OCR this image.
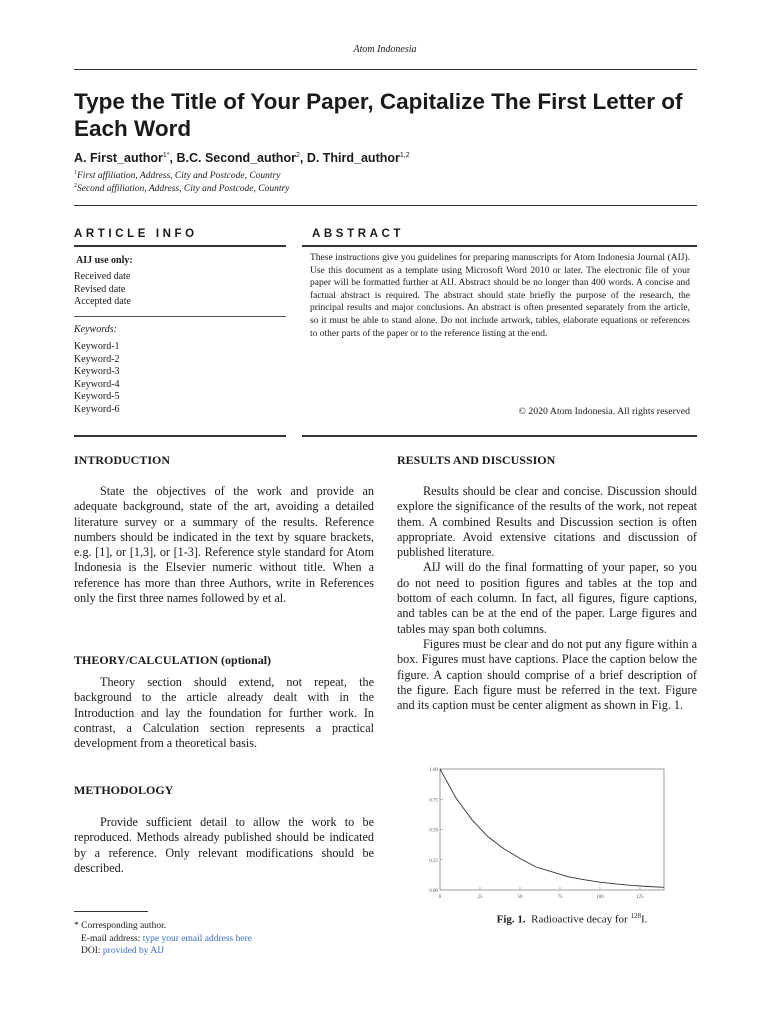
Atom Indonesia
Type the Title of Your Paper, Capitalize The First Letter of Each Word
A. First_author$^{1*}$, B.C. Second_author$^2$, D. Third_author$^{1,2}$
$^1$First affiliation, Address, City and Postcode, Country
$^2$Second affiliation, Address, City and Postcode, Country
ARTICLE INFO
AIJ use only:
Received date
Revised date
Accepted date
Keywords:
Keyword-1
Keyword-2
Keyword-3
Keyword-4
Keyword-5
Keyword-6
ABSTRACT
These instructions give you guidelines for preparing manuscripts for Atom Indonesia Journal (AIJ). Use this document as a template using Microsoft Word 2010 or later. The electronic file of your paper will be formatted further at AIJ. Abstract should be no longer than 400 words. A concise and factual abstract is required. The abstract should state briefly the purpose of the research, the principal results and major conclusions. An abstract is often presented separately from the article, so it must be able to stand alone. Do not include artwork, tables, elaborate equations or references to other parts of the paper or to the reference listing at the end.
© 2020 Atom Indonesia. All rights reserved
INTRODUCTION
State the objectives of the work and provide an adequate background, state of the art, avoiding a detailed literature survey or a summary of the results. Reference numbers should be indicated in the text by square brackets, e.g. [1], or [1,3], or [1-3]. Reference style standard for Atom Indonesia is the Elsevier numeric without title. When a reference has more than three Authors, write in References only the first three names followed by et al.
THEORY/CALCULATION (optional)
Theory section should extend, not repeat, the background to the article already dealt with in the Introduction and lay the foundation for further work. In contrast, a Calculation section represents a practical development from a theoretical basis.
METHODOLOGY
Provide sufficient detail to allow the work to be reproduced. Methods already published should be indicated by a reference. Only relevant modifications should be described.
RESULTS AND DISCUSSION

Results should be clear and concise. Discussion should explore the significance of the results of the work, not repeat them. A combined Results and Discussion section is often appropriate. Avoid extensive citations and discussion of published literature.

AIJ will do the final formatting of your paper, so you do not need to position figures and tables at the top and bottom of each column. In fact, all figures, figure captions, and tables can be at the end of the paper. Large figures and tables may span both columns.

Figures must be clear and do not put any figure within a box. Figures must have captions. Place the caption below the figure. A caption should comprise of a brief description of the figure. Each figure must be referred in the text. Figure and its caption must be center aligment as shown in Fig. 1.

0.00
0.25
0.50
0.75
1.00
0	25	50	75	100	125
Fig. 1. Radioactive decay for $^{128}$I.
* Corresponding author.
E-mail address: type your email address here
DOI: provided by AIJ
